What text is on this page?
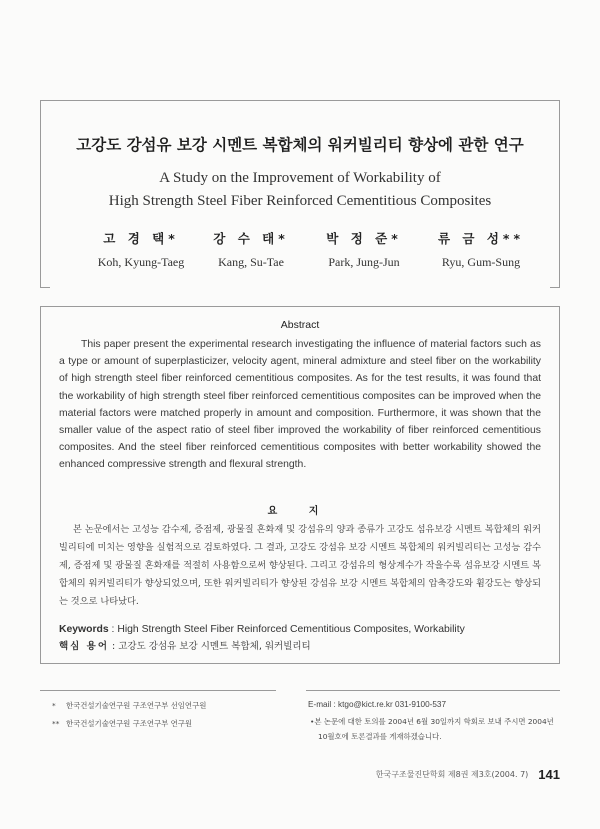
고강도 강섬유 보강 시멘트 복합체의 워커빌리티 향상에 관한 연구
A Study on the Improvement of Workability of
High Strength Steel Fiber Reinforced Cementitious Composites
고 경 택*
Koh, Kyung-Taeg
강 수 태*
Kang, Su-Tae
박 정 준*
Park, Jung-Jun
류 금 성**
Ryu, Gum-Sung
Abstract
This paper present the experimental research investigating the influence of material factors such as a type or amount of superplasticizer, velocity agent, mineral admixture and steel fiber on the workability of high strength steel fiber reinforced cementitious composites. As for the test results, it was found that the workability of high strength steel fiber reinforced cementitious composites can be improved when the material factors were matched properly in amount and composition. Furthermore, it was shown that the smaller value of the aspect ratio of steel fiber improved the workability of fiber reinforced cementitious composites. And the steel fiber reinforced cementitious composites with better workability showed the enhanced compressive strength and flexural strength.
요 지
본 논문에서는 고성능 감수제, 증점제, 광물질 혼화재 및 강섬유의 양과 종류가 고강도 섬유보강 시멘트 복합체의 워커빌리티에 미치는 영향을 실험적으로 검토하였다. 그 결과, 고강도 강섬유 보강 시멘트 복합체의 워커빌리티는 고성능 감수제, 증점제 및 광물질 혼화재를 적절히 사용함으로써 향상된다. 그리고 강섬유의 형상계수가 작을수록 섬유보강 시멘트 복합체의 워커빌리티가 향상되었으며, 또한 워커빌리티가 향상된 강섬유 보강 시멘트 복합체의 압축강도와 휨강도는 향상되는 것으로 나타났다.
Keywords : High Strength Steel Fiber Reinforced Cementitious Composites, Workability
핵심 용어 : 고강도 강섬유 보강 시멘트 복합체, 워커빌리티
* 한국건설기술연구원 구조연구부 선임연구원
** 한국건설기술연구원 구조연구부 연구원
E-mail : ktgo@kict.re.kr 031-9100-537
•본 논문에 대한 토의를 2004년 6월 30일까지 학회로 보내 주시면 2004년 10월호에 토론결과를 게재하겠습니다.
한국구조물진단학회 제8권 제3호(2004. 7) 141
